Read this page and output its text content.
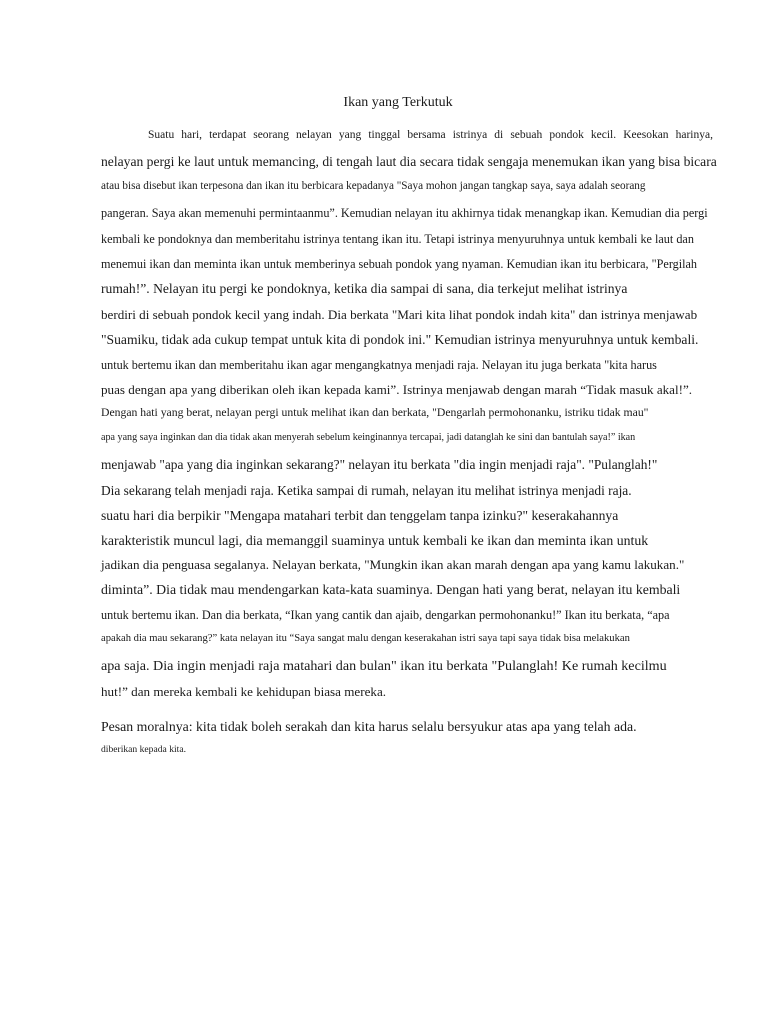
Ikan yang Terkutuk
Suatu hari, terdapat seorang nelayan yang tinggal bersama istrinya di sebuah pondok kecil. Keesokan harinya,
nelayan pergi ke laut untuk memancing, di tengah laut dia secara tidak sengaja menemukan ikan yang bisa bicara
atau bisa disebut ikan terpesona dan ikan itu berbicara kepadanya "Saya mohon jangan tangkap saya, saya adalah seorang
pangeran. Saya akan memenuhi permintaanmu”. Kemudian nelayan itu akhirnya tidak menangkap ikan. Kemudian dia pergi
kembali ke pondoknya dan memberitahu istrinya tentang ikan itu. Tetapi istrinya menyuruhnya untuk kembali ke laut dan
menemui ikan dan meminta ikan untuk memberinya sebuah pondok yang nyaman. Kemudian ikan itu berbicara, "Pergilah
rumah!”. Nelayan itu pergi ke pondoknya, ketika dia sampai di sana, dia terkejut melihat istrinya
berdiri di sebuah pondok kecil yang indah. Dia berkata "Mari kita lihat pondok indah kita" dan istrinya menjawab
"Suamiku, tidak ada cukup tempat untuk kita di pondok ini." Kemudian istrinya menyuruhnya untuk kembali.
untuk bertemu ikan dan memberitahu ikan agar mengangkatnya menjadi raja. Nelayan itu juga berkata "kita harus
puas dengan apa yang diberikan oleh ikan kepada kami”. Istrinya menjawab dengan marah “Tidak masuk akal!”.
Dengan hati yang berat, nelayan pergi untuk melihat ikan dan berkata, "Dengarlah permohonanku, istriku tidak mau"
apa yang saya inginkan dan dia tidak akan menyerah sebelum keinginannya tercapai, jadi datanglah ke sini dan bantulah saya!” ikan
menjawab "apa yang dia inginkan sekarang?" nelayan itu berkata "dia ingin menjadi raja". "Pulanglah!"
Dia sekarang telah menjadi raja. Ketika sampai di rumah, nelayan itu melihat istrinya menjadi raja.
suatu hari dia berpikir "Mengapa matahari terbit dan tenggelam tanpa izinku?" keserakahannya
karakteristik muncul lagi, dia memanggil suaminya untuk kembali ke ikan dan meminta ikan untuk
jadikan dia penguasa segalanya. Nelayan berkata, "Mungkin ikan akan marah dengan apa yang kamu lakukan."
diminta”. Dia tidak mau mendengarkan kata-kata suaminya. Dengan hati yang berat, nelayan itu kembali
untuk bertemu ikan. Dan dia berkata, “Ikan yang cantik dan ajaib, dengarkan permohonanku!” Ikan itu berkata, “apa
apakah dia mau sekarang?” kata nelayan itu “Saya sangat malu dengan keserakahan istri saya tapi saya tidak bisa melakukan
apa saja. Dia ingin menjadi raja matahari dan bulan" ikan itu berkata "Pulanglah! Ke rumah kecilmu
hut!” dan mereka kembali ke kehidupan biasa mereka.
Pesan moralnya: kita tidak boleh serakah dan kita harus selalu bersyukur atas apa yang telah ada.
diberikan kepada kita.
